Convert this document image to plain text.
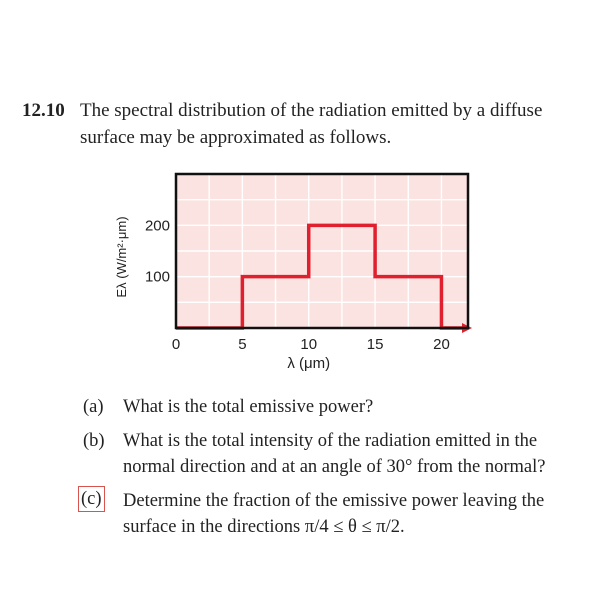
12.10 The spectral distribution of the radiation emitted by a diffuse surface may be approximated as follows.
0	5	10	15	20
100
200
λ (μm)
Eλ (W/m²·μm)
(a) What is the total emissive power?
(b) What is the total intensity of the radiation emitted in the normal direction and at an angle of 30° from the normal?
(c) Determine the fraction of the emissive power leaving the surface in the directions π/4 ≤ θ ≤ π/2.
